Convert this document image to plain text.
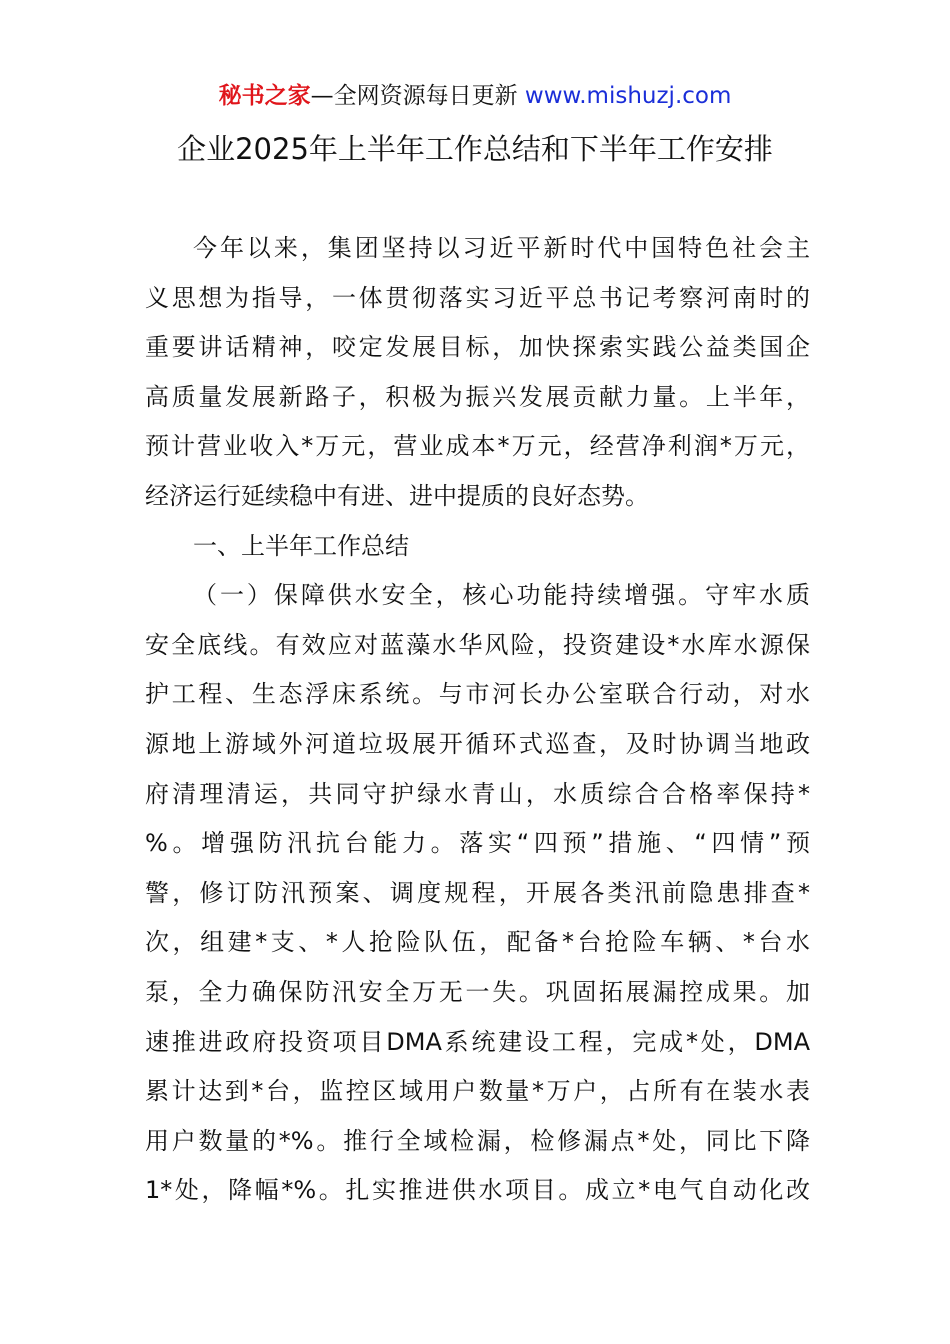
秘书之家—全网资源每日更新 www.mishuzj.com
企业2025年上半年工作总结和下半年工作安排
今年以来，集团坚持以习近平新时代中国特色社会主
义思想为指导，一体贯彻落实习近平总书记考察河南时的
重要讲话精神，咬定发展目标，加快探索实践公益类国企
高质量发展新路子，积极为振兴发展贡献力量。上半年，
预计营业收入*万元，营业成本*万元，经营净利润*万元，
经济运行延续稳中有进、进中提质的良好态势。
一、上半年工作总结
（一）保障供水安全，核心功能持续增强。守牢水质
安全底线。有效应对蓝藻水华风险，投资建设*水库水源保
护工程、生态浮床系统。与市河长办公室联合行动，对水
源地上游域外河道垃圾展开循环式巡查，及时协调当地政
府清理清运，共同守护绿水青山，水质综合合格率保持*
%。增强防汛抗台能力。落实“四预”措施、“四情”预
警，修订防汛预案、调度规程，开展各类汛前隐患排查*
次，组建*支、*人抢险队伍，配备*台抢险车辆、*台水
泵，全力确保防汛安全万无一失。巩固拓展漏控成果。加
速推进政府投资项目DMA系统建设工程，完成*处，DMA
累计达到*台，监控区域用户数量*万户，占所有在装水表
用户数量的*%。推行全域检漏，检修漏点*处，同比下降
1*处，降幅*%。扎实推进供水项目。成立*电气自动化改
